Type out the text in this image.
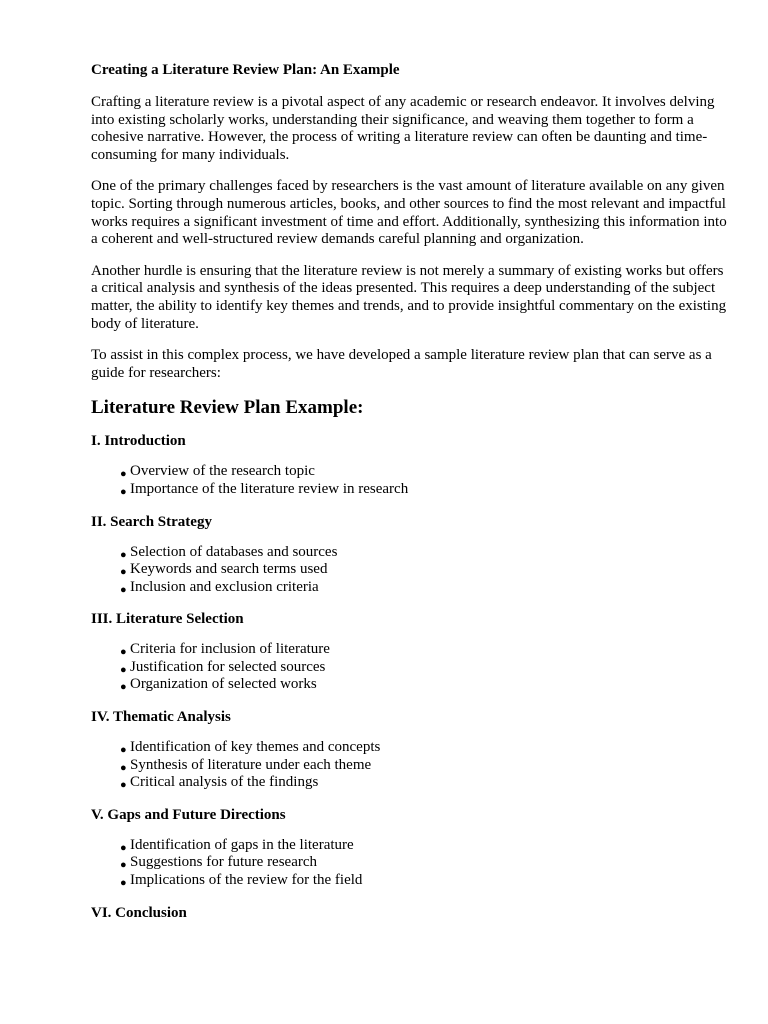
Creating a Literature Review Plan: An Example

Crafting a literature review is a pivotal aspect of any academic or research endeavor. It involves delving into existing scholarly works, understanding their significance, and weaving them together to form a cohesive narrative. However, the process of writing a literature review can often be daunting and time-consuming for many individuals.

One of the primary challenges faced by researchers is the vast amount of literature available on any given topic. Sorting through numerous articles, books, and other sources to find the most relevant and impactful works requires a significant investment of time and effort. Additionally, synthesizing this information into a coherent and well-structured review demands careful planning and organization.

Another hurdle is ensuring that the literature review is not merely a summary of existing works but offers a critical analysis and synthesis of the ideas presented. This requires a deep understanding of the subject matter, the ability to identify key themes and trends, and to provide insightful commentary on the existing body of literature.

To assist in this complex process, we have developed a sample literature review plan that can serve as a guide for researchers:

Literature Review Plan Example:
I. Introduction
● Overview of the research topic
● Importance of the literature review in research
II. Search Strategy
● Selection of databases and sources
● Keywords and search terms used
● Inclusion and exclusion criteria
III. Literature Selection
● Criteria for inclusion of literature
● Justification for selected sources
● Organization of selected works
IV. Thematic Analysis
● Identification of key themes and concepts
● Synthesis of literature under each theme
● Critical analysis of the findings
V. Gaps and Future Directions
● Identification of gaps in the literature
● Suggestions for future research
● Implications of the review for the field
VI. Conclusion
